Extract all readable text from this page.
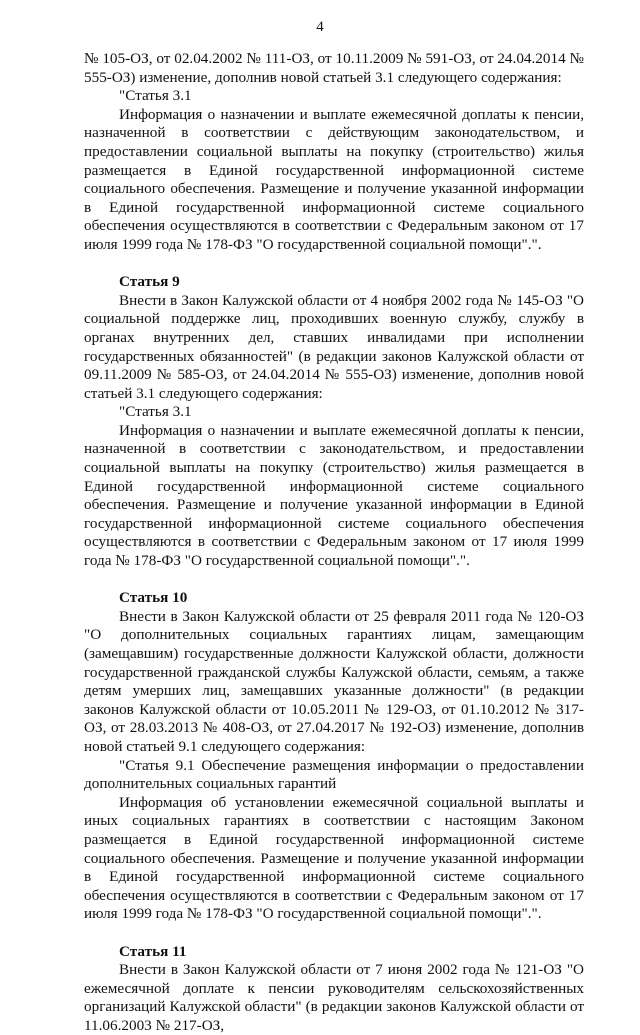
4

№ 105-ОЗ, от 02.04.2002 № 111-ОЗ, от 10.11.2009 № 591-ОЗ, от 24.04.2014 № 555-ОЗ) изменение, дополнив новой статьей 3.1 следующего содержания:

"Статья 3.1

Информация о назначении и выплате ежемесячной доплаты к пенсии, назначенной в соответствии с действующим законодательством, и предоставлении социальной выплаты на покупку (строительство) жилья размещается в Единой государственной информационной системе социального обеспечения. Размещение и получение указанной информации в Единой государственной информационной системе социального обеспечения осуществляются в соответствии с Федеральным законом от 17 июля 1999 года № 178-ФЗ "О государственной социальной помощи".".

Статья 9

Внести в Закон Калужской области от 4 ноября 2002 года № 145-ОЗ "О социальной поддержке лиц, проходивших военную службу, службу в органах внутренних дел, ставших инвалидами при исполнении государственных обязанностей" (в редакции законов Калужской области от 09.11.2009 № 585-ОЗ, от 24.04.2014 № 555-ОЗ) изменение, дополнив новой статьей 3.1 следующего содержания:

"Статья 3.1

Информация о назначении и выплате ежемесячной доплаты к пенсии, назначенной в соответствии с законодательством, и предоставлении социальной выплаты на покупку (строительство) жилья размещается в Единой государственной информационной системе социального обеспечения. Размещение и получение указанной информации в Единой государственной информационной системе социального обеспечения осуществляются в соответствии с Федеральным законом от 17 июля 1999 года № 178-ФЗ "О государственной социальной помощи".".

Статья 10

Внести в Закон Калужской области от 25 февраля 2011 года № 120-ОЗ "О дополнительных социальных гарантиях лицам, замещающим (замещавшим) государственные должности Калужской области, должности государственной гражданской службы Калужской области, семьям, а также детям умерших лиц, замещавших указанные должности" (в редакции законов Калужской области от 10.05.2011 № 129-ОЗ, от 01.10.2012 № 317-ОЗ, от 28.03.2013 № 408-ОЗ, от 27.04.2017 № 192-ОЗ) изменение, дополнив новой статьей 9.1 следующего содержания:

"Статья 9.1 Обеспечение размещения информации о предоставлении дополнительных социальных гарантий

Информация об установлении ежемесячной социальной выплаты и иных социальных гарантиях в соответствии с настоящим Законом размещается в Единой государственной информационной системе социального обеспечения. Размещение и получение указанной информации в Единой государственной информационной системе социального обеспечения осуществляются в соответствии с Федеральным законом от 17 июля 1999 года № 178-ФЗ "О государственной социальной помощи".".

Статья 11

Внести в Закон Калужской области от 7 июня 2002 года № 121-ОЗ "О ежемесячной доплате к пенсии руководителям сельскохозяйственных организаций Калужской области" (в редакции законов Калужской области от 11.06.2003 № 217-ОЗ,
